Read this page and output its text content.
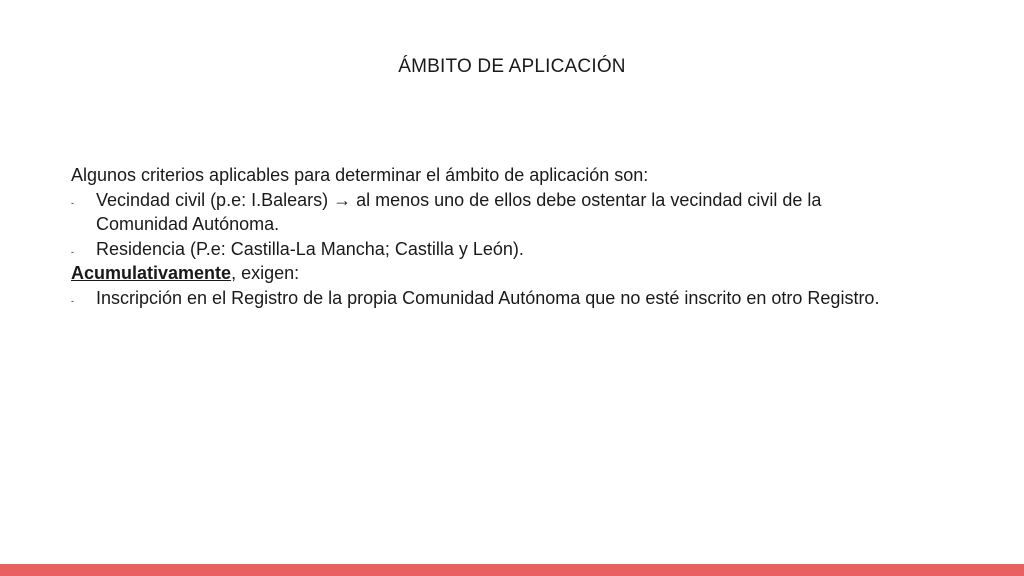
ÁMBITO DE APLICACIÓN

Algunos criterios aplicables para determinar el ámbito de aplicación son:

- Vecindad civil (p.e: I.Balears) → al menos uno de ellos debe ostentar la vecindad civil de la
Comunidad Autónoma.
- Residencia (P.e: Castilla-La Mancha; Castilla y León).

Acumulativamente, exigen:

- Inscripción en el Registro de la propia Comunidad Autónoma que no esté inscrito en otro Registro.
